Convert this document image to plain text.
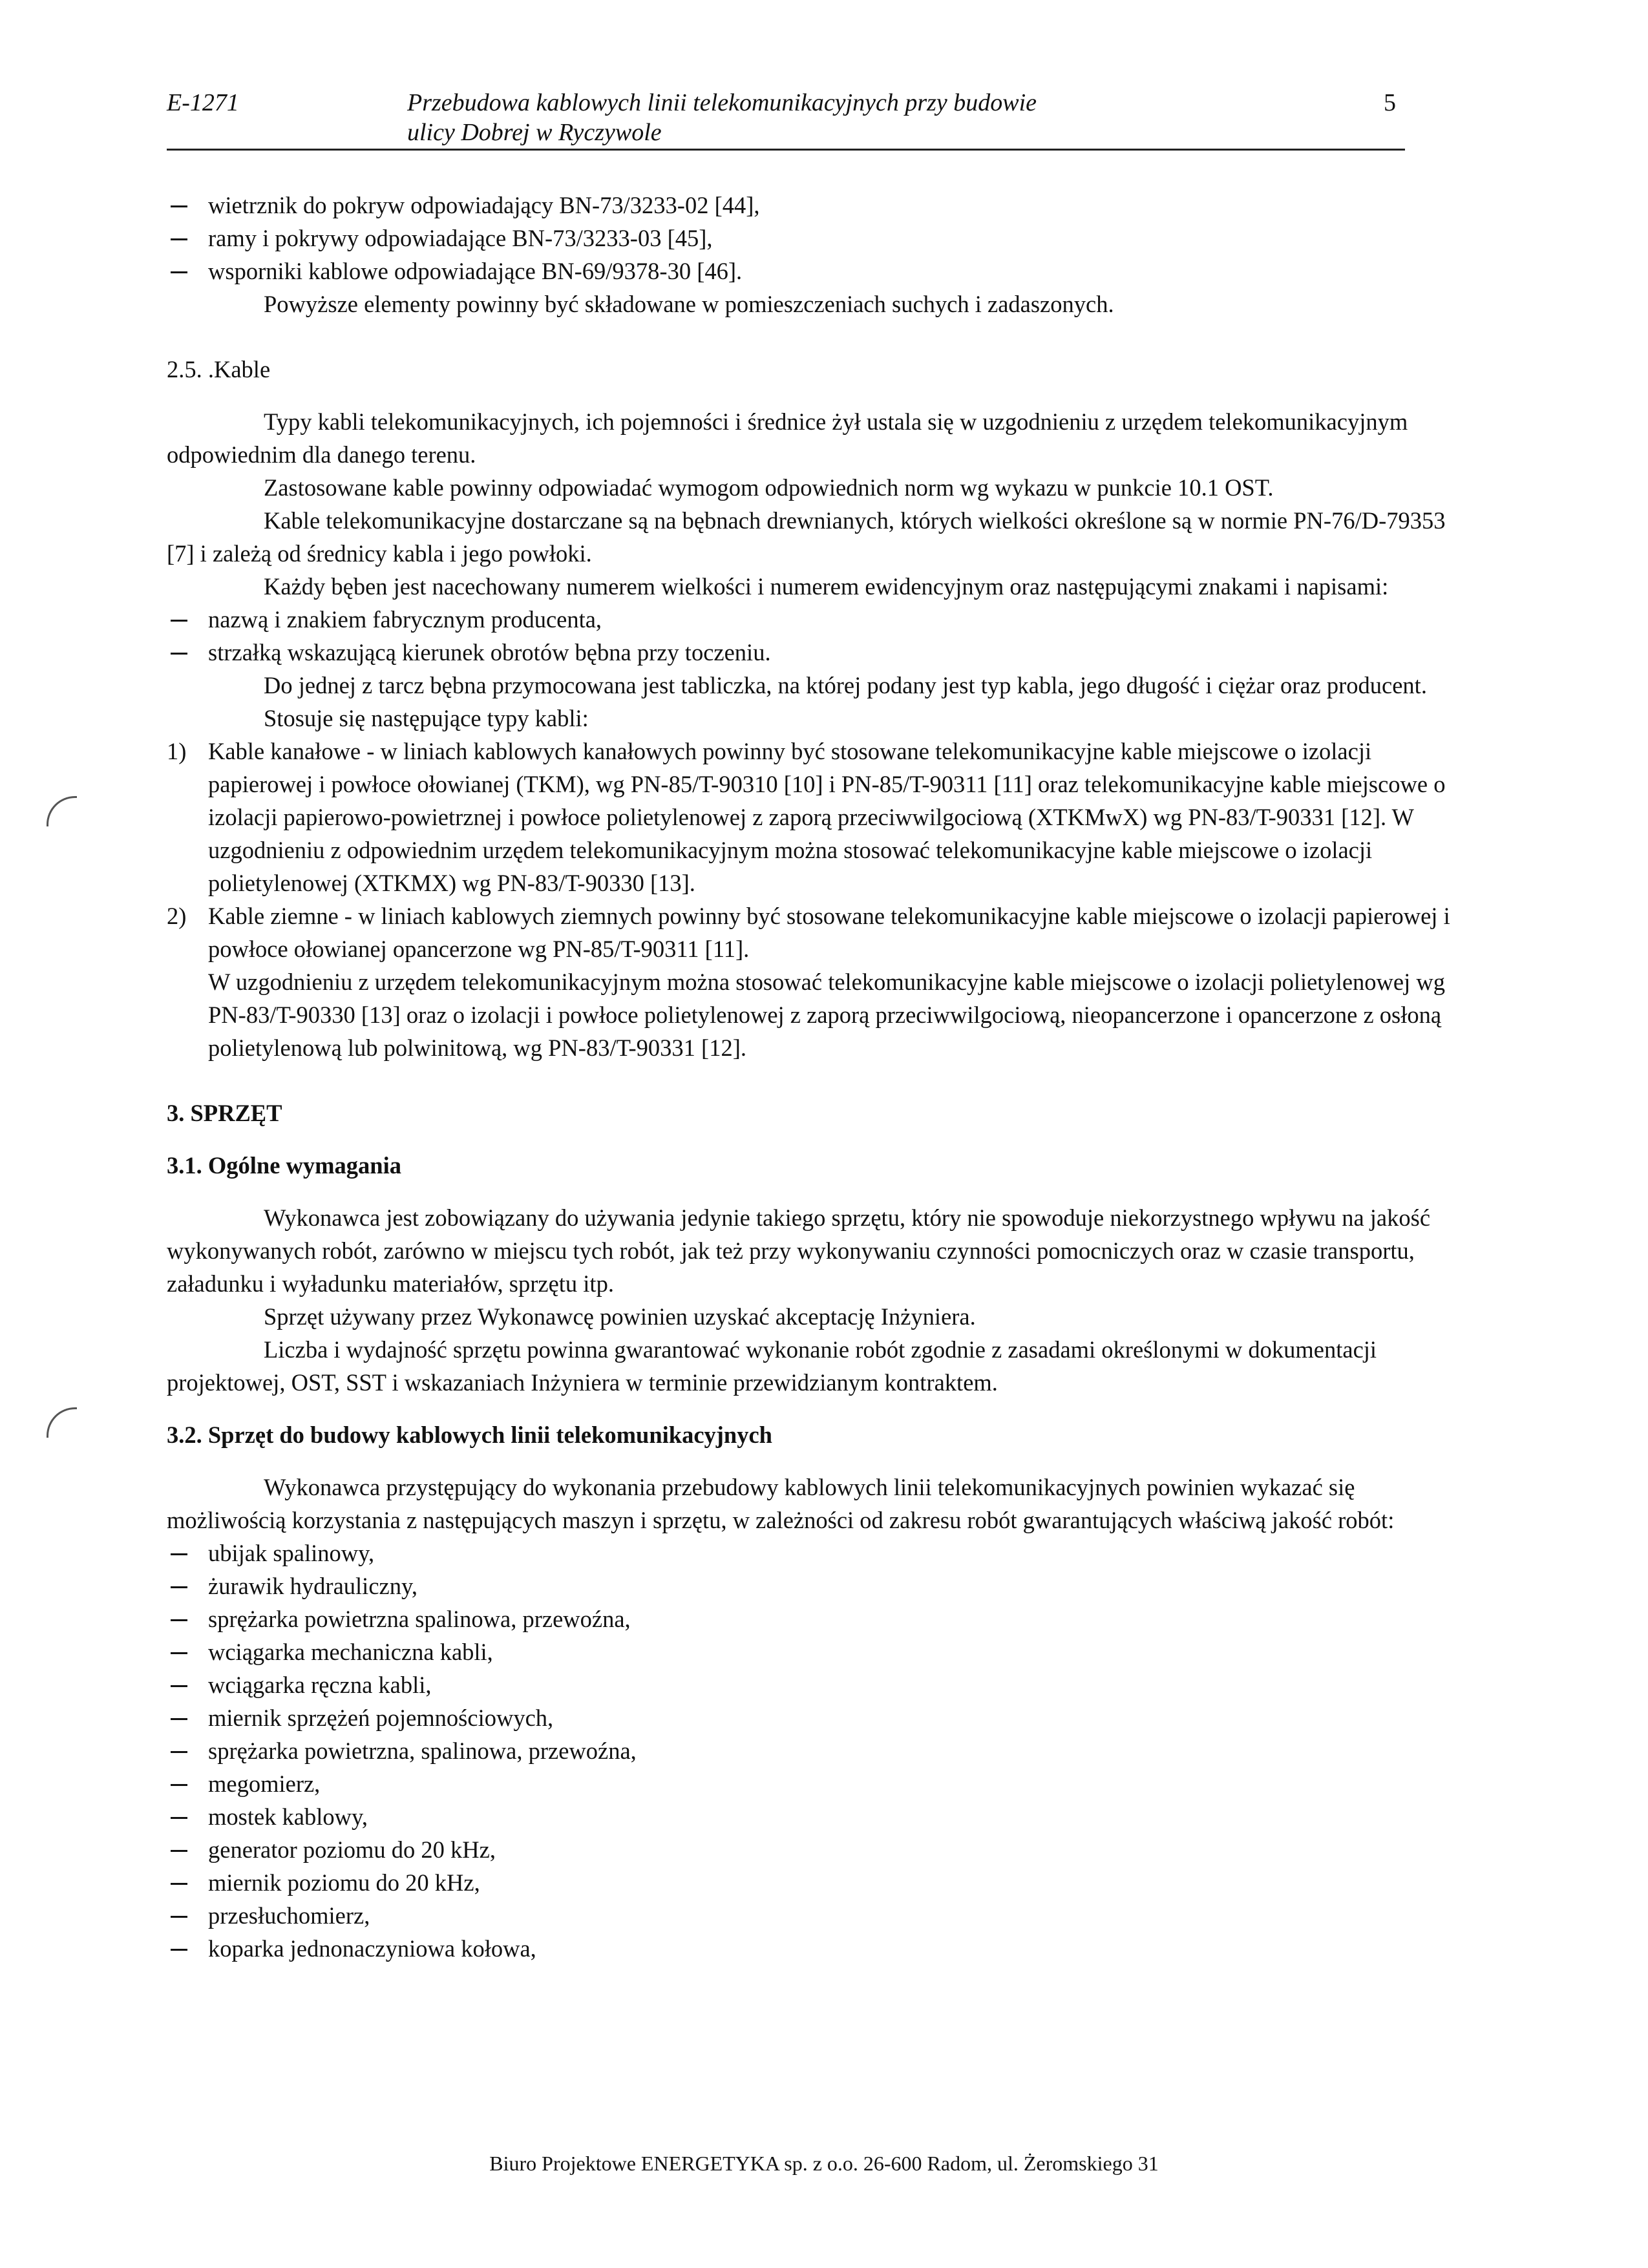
E-1271	Przebudowa kablowych linii telekomunikacyjnych przy budowie
ulicy Dobrej w Ryczywole
5

wietrznik do pokryw odpowiadający BN-73/3233-02 [44],

ramy i pokrywy odpowiadające BN-73/3233-03 [45],

wsporniki kablowe odpowiadające BN-69/9378-30 [46].

Powyższe elementy powinny być składowane w pomieszczeniach suchych i zadaszonych.

2.5. .Kable

Typy kabli telekomunikacyjnych, ich pojemności i średnice żył ustala się w uzgodnieniu z urzędem telekomunikacyjnym odpowiednim dla danego terenu.

Zastosowane kable powinny odpowiadać wymogom odpowiednich norm wg wykazu w punkcie 10.1 OST.

Kable telekomunikacyjne dostarczane są na bębnach drewnianych, których wielkości określone są w normie PN-76/D-79353 [7] i zależą od średnicy kabla i jego powłoki.

Każdy bęben jest nacechowany numerem wielkości i numerem ewidencyjnym oraz następującymi znakami i napisami:

nazwą i znakiem fabrycznym producenta,

strzałką wskazującą kierunek obrotów bębna przy toczeniu.

Do jednej z tarcz bębna przymocowana jest tabliczka, na której podany jest typ kabla, jego długość i ciężar oraz producent.

Stosuje się następujące typy kabli:

1) Kable kanałowe - w liniach kablowych kanałowych powinny być stosowane telekomunikacyjne kable miejscowe o izolacji papierowej i powłoce ołowianej (TKM), wg PN-85/T-90310 [10] i PN-85/T-90311 [11] oraz telekomunikacyjne kable miejscowe o izolacji papierowo-powietrznej i powłoce polietylenowej z zaporą przeciwwilgociową (XTKMwX) wg PN-83/T-90331 [12]. W uzgodnieniu z odpowiednim urzędem telekomunikacyjnym można stosować telekomunikacyjne kable miejscowe o izolacji polietylenowej (XTKMX) wg PN-83/T-90330 [13].

2) Kable ziemne - w liniach kablowych ziemnych powinny być stosowane telekomunikacyjne kable miejscowe o izolacji papierowej i powłoce ołowianej opancerzone wg PN-85/T-90311 [11].

W uzgodnieniu z urzędem telekomunikacyjnym można stosować telekomunikacyjne kable miejscowe o izolacji polietylenowej wg PN-83/T-90330 [13] oraz o izolacji i powłoce polietylenowej z zaporą przeciwwilgociową, nieopancerzone i opancerzone z osłoną polietylenową lub polwinitową, wg PN-83/T-90331 [12].

3. SPRZĘT

3.1. Ogólne wymagania

Wykonawca jest zobowiązany do używania jedynie takiego sprzętu, który nie spowoduje niekorzystnego wpływu na jakość wykonywanych robót, zarówno w miejscu tych robót, jak też przy wykonywaniu czynności pomocniczych oraz w czasie transportu, załadunku i wyładunku materiałów, sprzętu itp.

Sprzęt używany przez Wykonawcę powinien uzyskać akceptację Inżyniera.

Liczba i wydajność sprzętu powinna gwarantować wykonanie robót zgodnie z zasadami określonymi w dokumentacji projektowej, OST, SST i wskazaniach Inżyniera w terminie przewidzianym kontraktem.

3.2. Sprzęt do budowy kablowych linii telekomunikacyjnych

Wykonawca przystępujący do wykonania przebudowy kablowych linii telekomunikacyjnych powinien wykazać się możliwością korzystania z następujących maszyn i sprzętu, w zależności od zakresu robót gwarantujących właściwą jakość robót:

ubijak spalinowy,

żurawik hydrauliczny,

sprężarka powietrzna spalinowa, przewoźna,

wciągarka mechaniczna kabli,

wciągarka ręczna kabli,

miernik sprzężeń pojemnościowych,

sprężarka powietrzna, spalinowa, przewoźna,

megomierz,

mostek kablowy,

generator poziomu do 20 kHz,

miernik poziomu do 20 kHz,

przesłuchomierz,

koparka jednonaczyniowa kołowa,

Biuro Projektowe ENERGETYKA sp. z o.o. 26-600 Radom, ul. Żeromskiego 31
